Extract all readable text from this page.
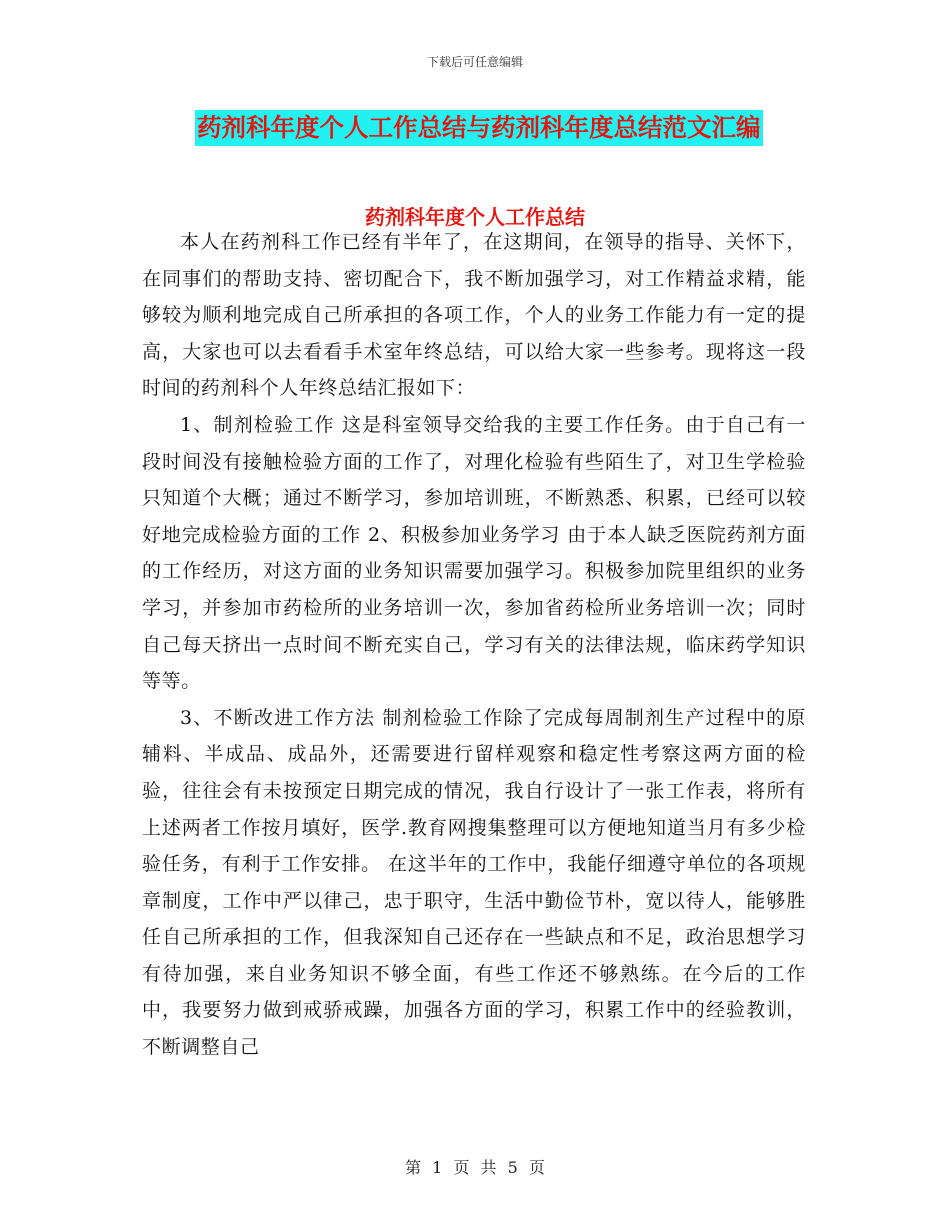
下载后可任意编辑
药剂科年度个人工作总结与药剂科年度总结范文汇编
药剂科年度个人工作总结

本人在药剂科工作已经有半年了，在这期间，在领导的指导、关怀下，在同事们的帮助支持、密切配合下，我不断加强学习，对工作精益求精，能够较为顺利地完成自己所承担的各项工作，个人的业务工作能力有一定的提高，大家也可以去看看手术室年终总结，可以给大家一些参考。现将这一段时间的药剂科个人年终总结汇报如下：

1、制剂检验工作 这是科室领导交给我的主要工作任务。由于自己有一段时间没有接触检验方面的工作了，对理化检验有些陌生了，对卫生学检验只知道个大概；通过不断学习，参加培训班，不断熟悉、积累，已经可以较好地完成检验方面的工作 2、积极参加业务学习 由于本人缺乏医院药剂方面的工作经历，对这方面的业务知识需要加强学习。积极参加院里组织的业务学习，并参加市药检所的业务培训一次，参加省药检所业务培训一次；同时自己每天挤出一点时间不断充实自己，学习有关的法律法规，临床药学知识等等。

3、不断改进工作方法 制剂检验工作除了完成每周制剂生产过程中的原辅料、半成品、成品外，还需要进行留样观察和稳定性考察这两方面的检验，往往会有未按预定日期完成的情况，我自行设计了一张工作表，将所有上述两者工作按月填好，医学.教育网搜集整理可以方便地知道当月有多少检验任务，有利于工作安排。 在这半年的工作中，我能仔细遵守单位的各项规章制度，工作中严以律己，忠于职守，生活中勤俭节朴，宽以待人，能够胜任自己所承担的工作，但我深知自己还存在一些缺点和不足，政治思想学习有待加强，来自业务知识不够全面，有些工作还不够熟练。在今后的工作中，我要努力做到戒骄戒躁，加强各方面的学习，积累工作中的经验教训，不断调整自己

第 1 页 共 5 页
